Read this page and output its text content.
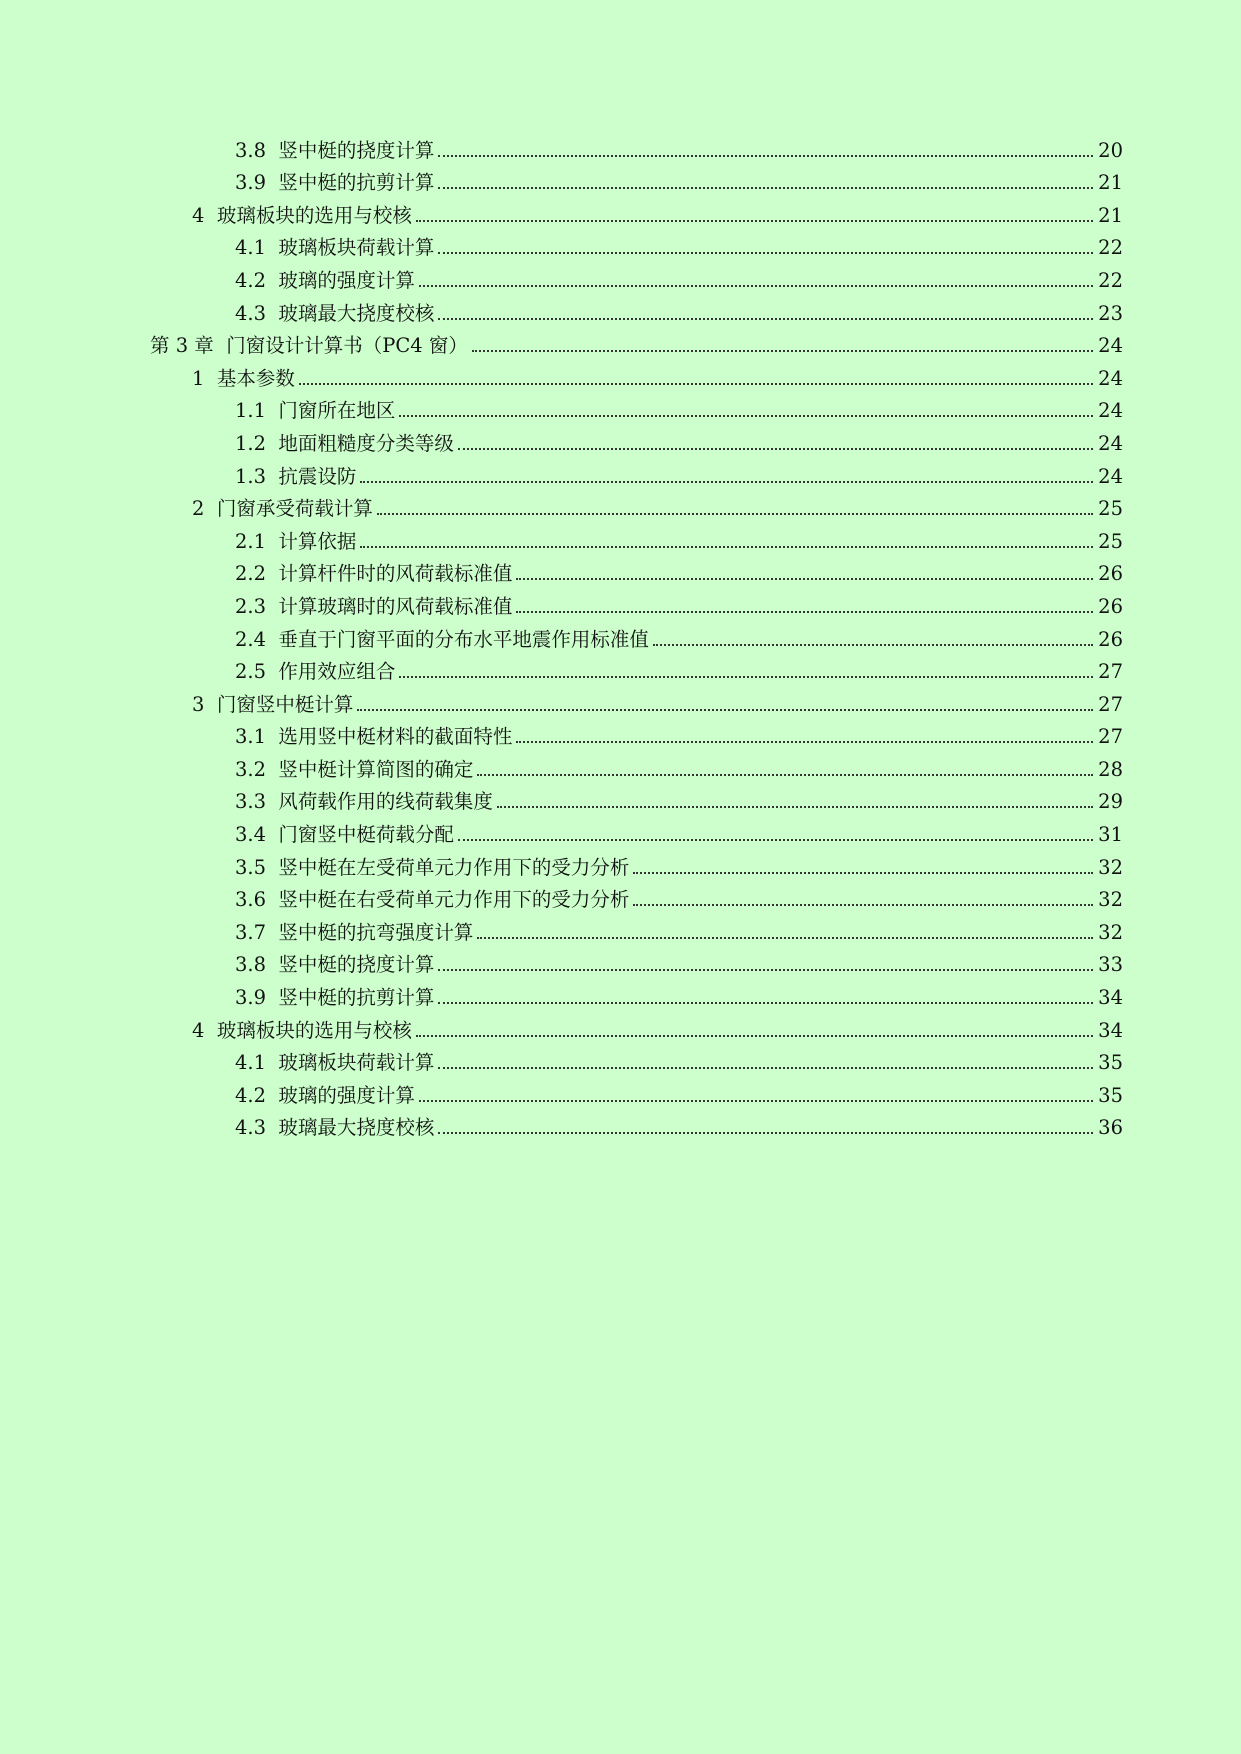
3.8 竖中梃的挠度计算	20
3.9 竖中梃的抗剪计算	21
4 玻璃板块的选用与校核	21
4.1 玻璃板块荷载计算	22
4.2 玻璃的强度计算	22
4.3 玻璃最大挠度校核	23
第 3 章 门窗设计计算书（PC4 窗）	24
1 基本参数	24
1.1 门窗所在地区	24
1.2 地面粗糙度分类等级	24
1.3 抗震设防	24
2 门窗承受荷载计算	25
2.1 计算依据	25
2.2 计算杆件时的风荷载标准值	26
2.3 计算玻璃时的风荷载标准值	26
2.4 垂直于门窗平面的分布水平地震作用标准值	26
2.5 作用效应组合	27
3 门窗竖中梃计算	27
3.1 选用竖中梃材料的截面特性	27
3.2 竖中梃计算简图的确定	28
3.3 风荷载作用的线荷载集度	29
3.4 门窗竖中梃荷载分配	31
3.5 竖中梃在左受荷单元力作用下的受力分析	32
3.6 竖中梃在右受荷单元力作用下的受力分析	32
3.7 竖中梃的抗弯强度计算	32
3.8 竖中梃的挠度计算	33
3.9 竖中梃的抗剪计算	34
4 玻璃板块的选用与校核	34
4.1 玻璃板块荷载计算	35
4.2 玻璃的强度计算	35
4.3 玻璃最大挠度校核	36
